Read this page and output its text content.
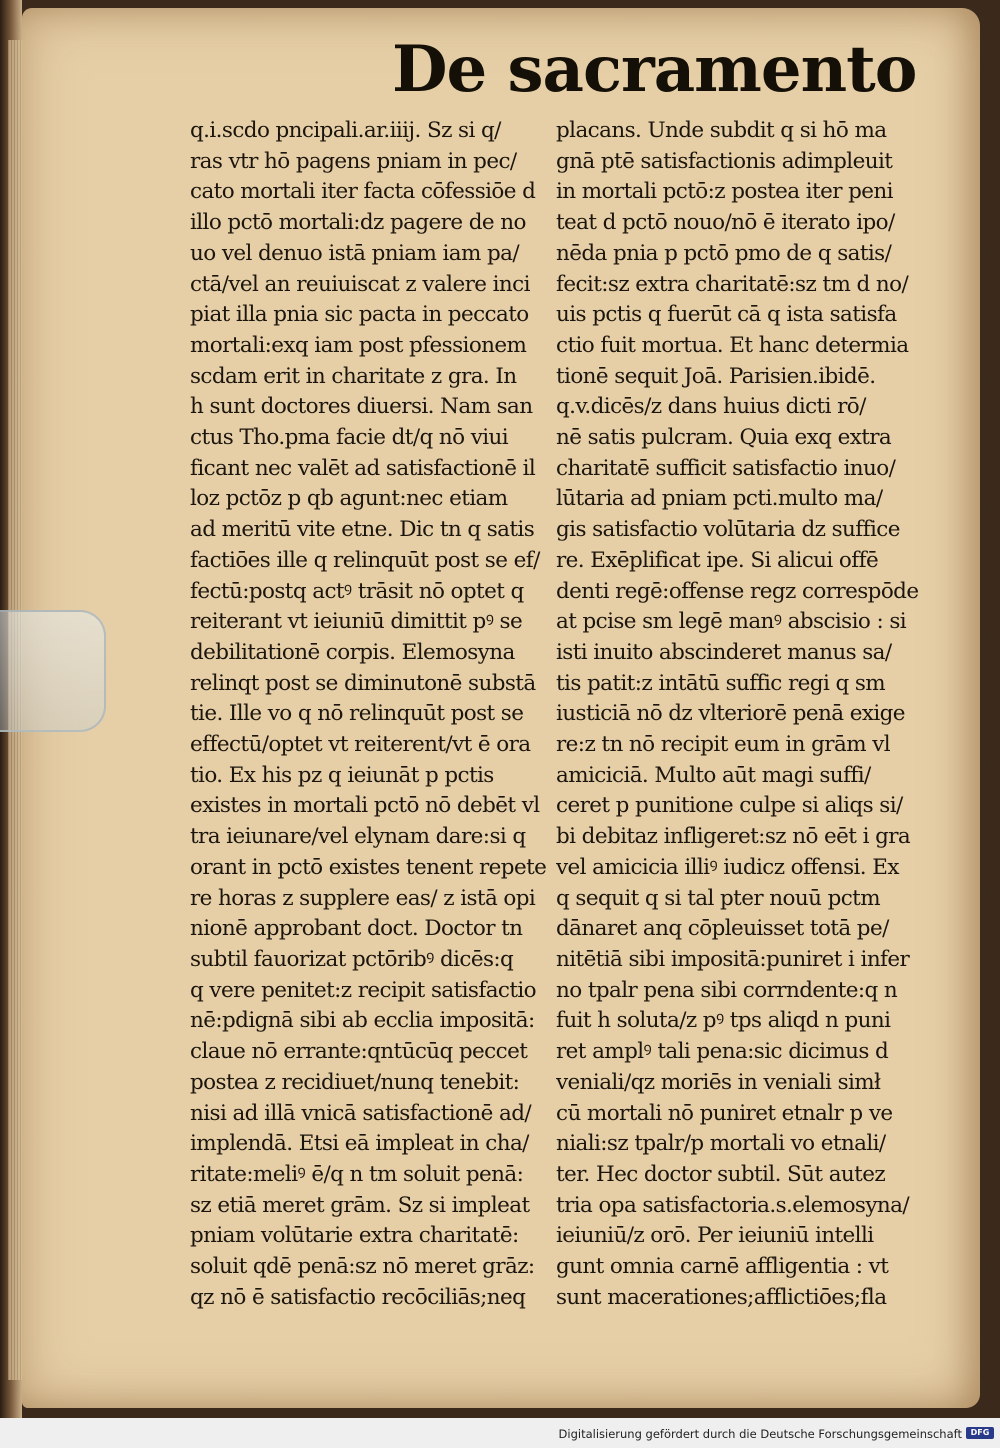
De sacramento
q.i.scdo pncipali.ar.iiij. Sz si q/
ras vtr hō pagens pniam in pec/
cato mortali iter facta cōfessiōe d
illo pctō mortali:dz pagere de no
uo vel denuo istā pniam iam pa/
ctā/vel an reuiuiscat z valere inci
piat illa pnia sic pacta in peccato
mortali:exq iam post pfessionem
scdam erit in charitate z gra. In
h sunt doctores diuersi. Nam san
ctus Tho.pma facie dt/q nō viui
ficant nec valēt ad satisfactionē il
loz pctōz p qb agunt:nec etiam
ad meritū vite etne. Dic tn q satis
factiōes ille q relinquūt post se ef/
fectū:postq actꝰ trāsit nō optet q
reiterant vt ieiuniū dimittit pꝰ se
debilitationē corpis. Elemosyna
relinqt post se diminutonē substā
tie. Ille vo q nō relinquūt post se
effectū/optet vt reiterent/vt ē ora
tio. Ex his pz q ieiunāt p pctis
existes in mortali pctō nō debēt vl
tra ieiunare/vel elynam dare:si q
orant in pctō existes tenent repete
re horas z supplere eas/ z istā opi
nionē approbant doct. Doctor tn
subtil fauorizat pctōribꝰ dicēs:q
q vere penitet:z recipit satisfactio
nē:pdignā sibi ab ecclia impositā:
claue nō errante:qntūcūq peccet
postea z recidiuet/nunq tenebit:
nisi ad illā vnicā satisfactionē ad/
implendā. Etsi eā impleat in cha/
ritate:meliꝰ ē/q n tm soluit penā:
sz etiā meret grām. Sz si impleat
pniam volūtarie extra charitatē:
soluit qdē penā:sz nō meret grāz:
qz nō ē satisfactio recōciliās;neq
placans. Unde subdit q si hō ma
gnā ptē satisfactionis adimpleuit
in mortali pctō:z postea iter peni
teat d pctō nouo/nō ē iterato ipo/
nēda pnia p pctō pmo de q satis/
fecit:sz extra charitatē:sz tm d no/
uis pctis q fuerūt cā q ista satisfa
ctio fuit mortua. Et hanc determia
tionē sequit Joā. Parisien.ibidē.
q.v.dicēs/z dans huius dicti rō/
nē satis pulcram. Quia exq extra
charitatē sufficit satisfactio inuo/
lūtaria ad pniam pcti.multo ma/
gis satisfactio volūtaria dz suffice
re. Exēplificat ipe. Si alicui offē
denti regē:offense regz correspōde
at pcise sm legē manꝰ abscisio : si
isti inuito abscinderet manus sa/
tis patit:z intātū suffic regi q sm
iusticiā nō dz vlteriorē penā exige
re:z tn nō recipit eum in grām vl
amiciciā. Multo aūt magi suffi/
ceret p punitione culpe si aliqs si/
bi debitaz infligeret:sz nō eēt i gra
vel amicicia illiꝰ iudicz offensi. Ex
q sequit q si tal pter nouū pctm
dānaret anq cōpleuisset totā pe/
nitētiā sibi impositā:puniret i infer
no tpalr pena sibi corrndente:q n
fuit h soluta/z pꝰ tps aliqd n puni
ret amplꝰ tali pena:sic dicimus d
veniali/qz moriēs in veniali simł
cū mortali nō puniret etnalr p ve
niali:sz tpalr/p mortali vo etnali/
ter. Hec doctor subtil. Sūt autez
tria opa satisfactoria.s.elemosyna/
ieiuniū/z orō. Per ieiuniū intelli
gunt omnia carnē affligentia : vt
sunt macerationes;afflictiōes;fla
Digitalisierung gefördert durch die Deutsche Forschungsgemeinschaft	DFG
